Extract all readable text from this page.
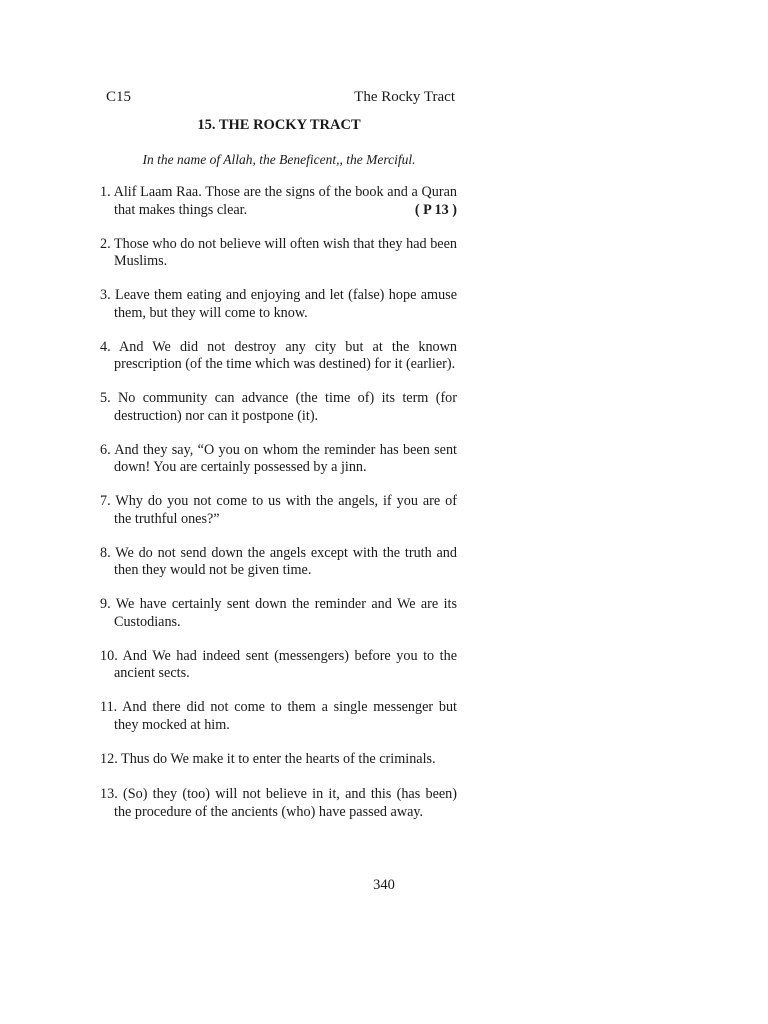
C15	The Rocky Tract
15. THE ROCKY TRACT
In the name of Allah, the Beneficent,, the Merciful.
1. Alif Laam Raa. Those are the signs of the book and a Quran that makes things clear.	( P 13 )
2. Those who do not believe will often wish that they had been Muslims.
3. Leave them eating and enjoying and let (false) hope amuse them, but they will come to know.
4. And We did not destroy any city but at the known prescription (of the time which was destined) for it (earlier).
5. No community can advance (the time of) its term (for destruction) nor can it postpone (it).
6. And they say, “O you on whom the reminder has been sent down! You are certainly possessed by a jinn.
7. Why do you not come to us with the angels, if you are of the truthful ones?”
8. We do not send down the angels except with the truth and then they would not be given time.
9. We have certainly sent down the reminder and We are its Custodians.
10. And We had indeed sent (messengers) before you to the ancient sects.
11. And there did not come to them a single messenger but they mocked at him.
12. Thus do We make it to enter the hearts of the criminals.
13. (So) they (too) will not believe in it, and this (has been) the procedure of the ancients (who) have passed away.
340
